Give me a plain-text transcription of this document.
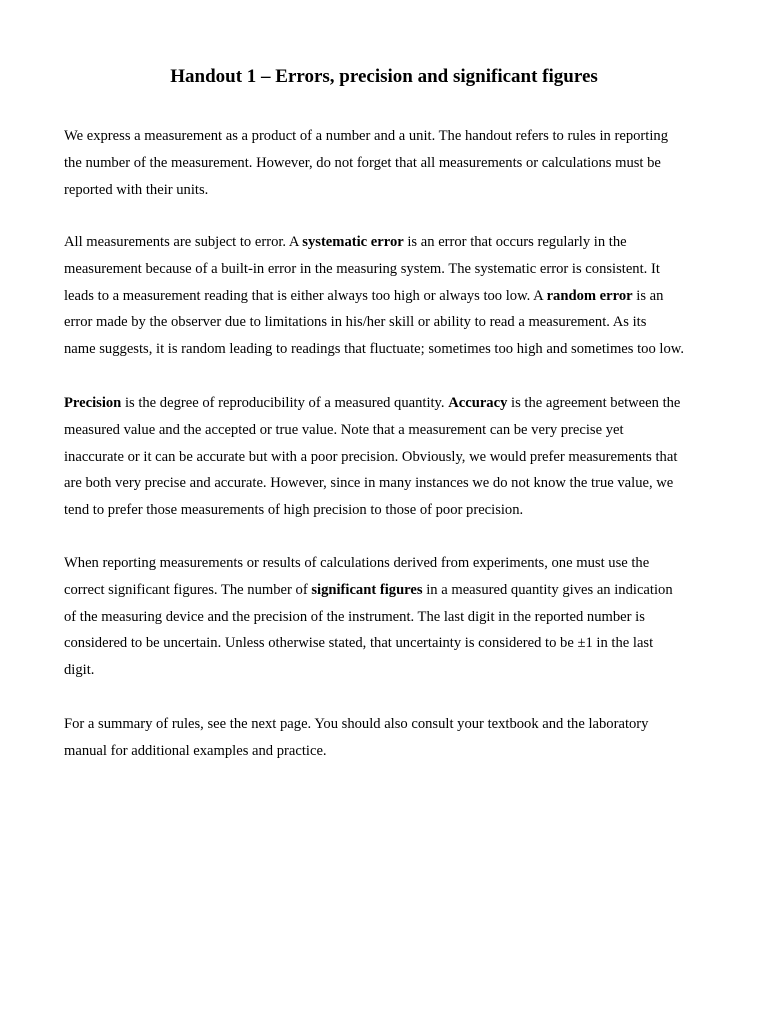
Handout 1 – Errors, precision and significant figures

We express a measurement as a product of a number and a unit. The handout refers to rules in reporting
the number of the measurement. However, do not forget that all measurements or calculations must be
reported with their units.

All measurements are subject to error. A systematic error is an error that occurs regularly in the
measurement because of a built-in error in the measuring system. The systematic error is consistent. It
leads to a measurement reading that is either always too high or always too low. A random error is an
error made by the observer due to limitations in his/her skill or ability to read a measurement. As its
name suggests, it is random leading to readings that fluctuate; sometimes too high and sometimes too low.

Precision is the degree of reproducibility of a measured quantity. Accuracy is the agreement between the
measured value and the accepted or true value. Note that a measurement can be very precise yet
inaccurate or it can be accurate but with a poor precision. Obviously, we would prefer measurements that
are both very precise and accurate. However, since in many instances we do not know the true value, we
tend to prefer those measurements of high precision to those of poor precision.

When reporting measurements or results of calculations derived from experiments, one must use the
correct significant figures. The number of significant figures in a measured quantity gives an indication
of the measuring device and the precision of the instrument. The last digit in the reported number is
considered to be uncertain. Unless otherwise stated, that uncertainty is considered to be ±1 in the last
digit.

For a summary of rules, see the next page. You should also consult your textbook and the laboratory
manual for additional examples and practice.
